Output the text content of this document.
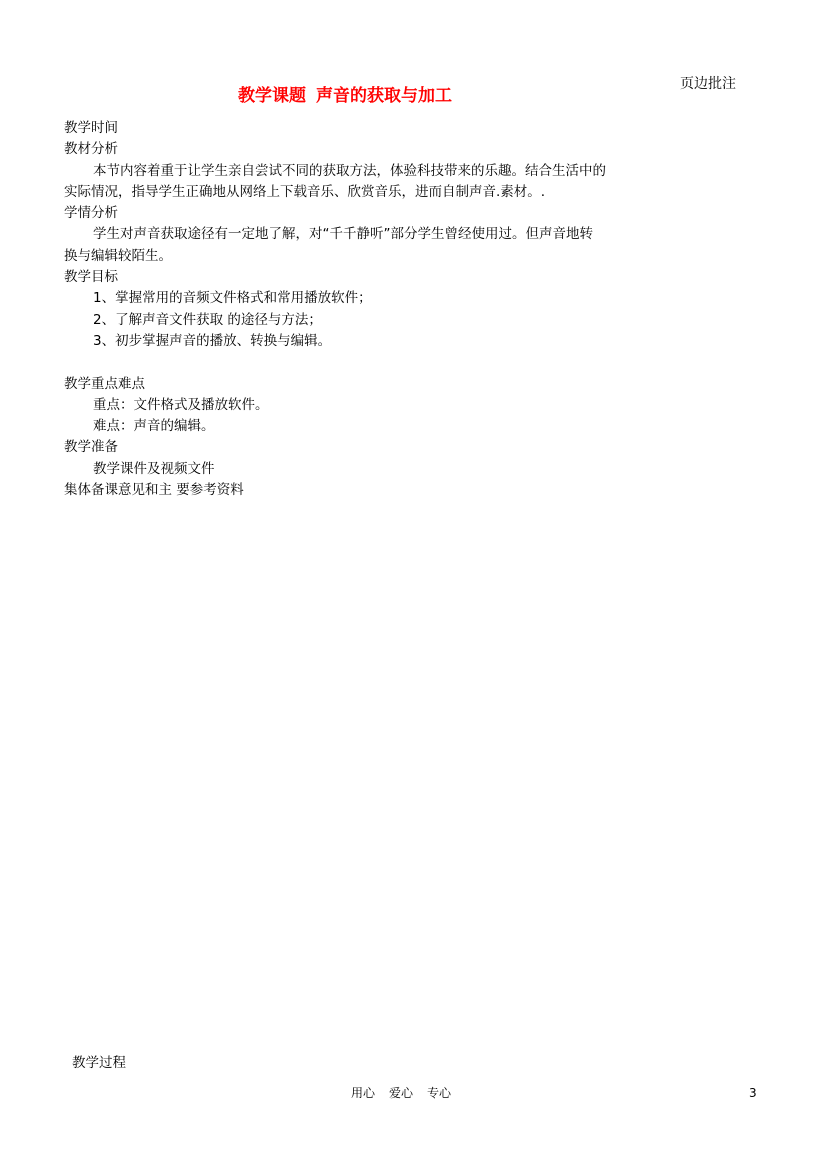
页边批注
教学课题 声音的获取与加工
教学时间
教材分析
本节内容着重于让学生亲自尝试不同的获取方法，体验科技带来的乐趣。结合生活中的
实际情况，指导学生正确地从网络上下载音乐、欣赏音乐，进而自制声音.素材。.
学情分析
学生对声音获取途径有一定地了解，对“千千静听”部分学生曾经使用过。但声音地转
换与编辑较陌生。
教学目标
1、掌握常用的音频文件格式和常用播放软件；
2、了解声音文件获取 的途径与方法；
3、初步掌握声音的播放、转换与编辑。
教学重点难点
重点：文件格式及播放软件。
难点：声音的编辑。
教学准备
教学课件及视频文件
集体备课意见和主 要参考资料
教学过程
用心 爱心 专心	3
